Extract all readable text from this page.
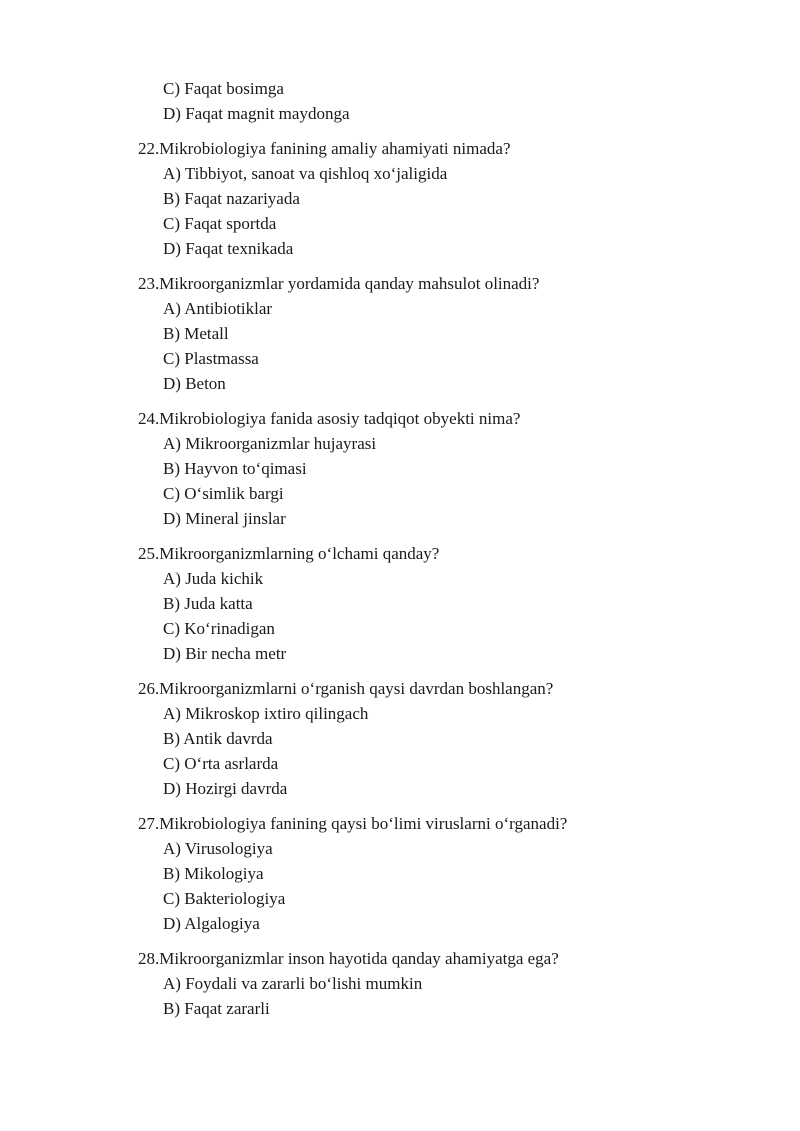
C) Faqat bosimga
D) Faqat magnit maydonga
22.Mikrobiologiya fanining amaliy ahamiyati nimada?
A) Tibbiyot, sanoat va qishloq xo‘jaligida
B) Faqat nazariyada
C) Faqat sportda
D) Faqat texnikada
23.Mikroorganizmlar yordamida qanday mahsulot olinadi?
A) Antibiotiklar
B) Metall
C) Plastmassa
D) Beton
24.Mikrobiologiya fanida asosiy tadqiqot obyekti nima?
A) Mikroorganizmlar hujayrasi
B) Hayvon to‘qimasi
C) O‘simlik bargi
D) Mineral jinslar
25.Mikroorganizmlarning o‘lchami qanday?
A) Juda kichik
B) Juda katta
C) Ko‘rinadigan
D) Bir necha metr
26.Mikroorganizmlarni o‘rganish qaysi davrdan boshlangan?
A) Mikroskop ixtiro qilingach
B) Antik davrda
C) O‘rta asrlarda
D) Hozirgi davrda
27.Mikrobiologiya fanining qaysi bo‘limi viruslarni o‘rganadi?
A) Virusologiya
B) Mikologiya
C) Bakteriologiya
D) Algalogiya
28.Mikroorganizmlar inson hayotida qanday ahamiyatga ega?
A) Foydali va zararli bo‘lishi mumkin
B) Faqat zararli
